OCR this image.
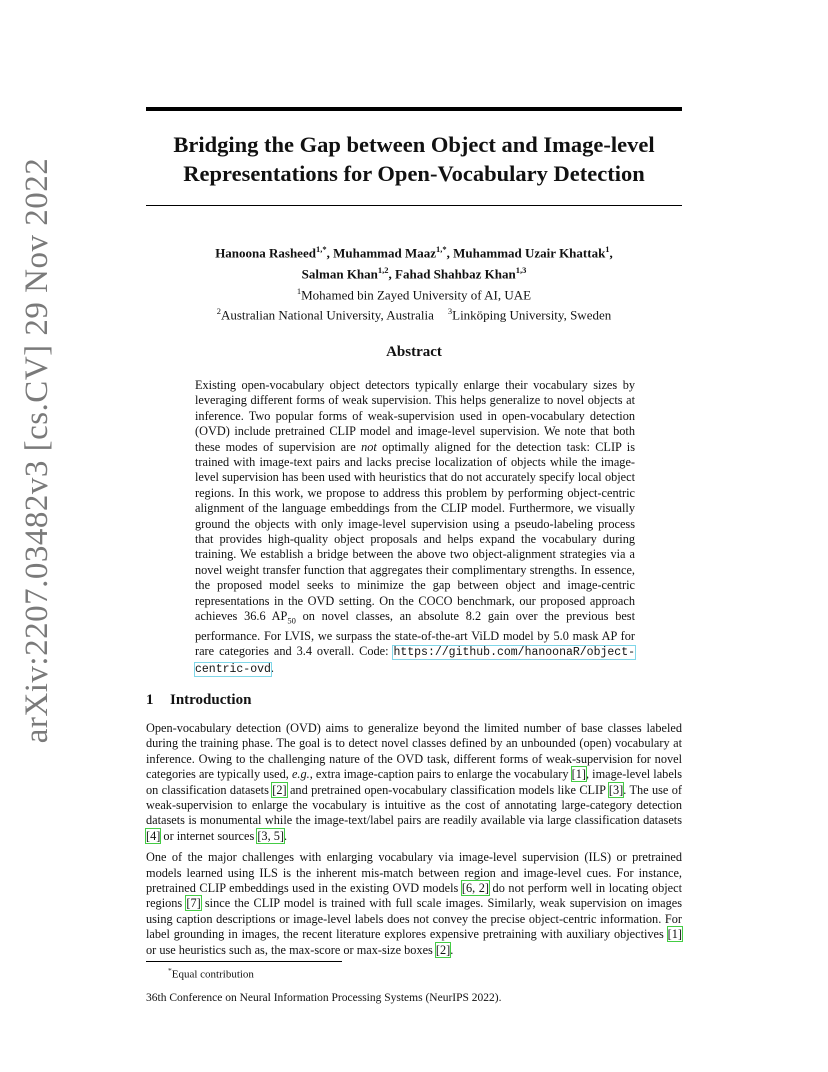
arXiv:2207.03482v3 [cs.CV] 29 Nov 2022
Bridging the Gap between Object and Image-level
Representations for Open-Vocabulary Detection
Hanoona Rasheed$^{1,*}$, Muhammad Maaz$^{1,*}$, Muhammad Uzair Khattak$^1$,
Salman Khan$^{1,2}$, Fahad Shahbaz Khan$^{1,3}$
$^1$Mohamed bin Zayed University of AI, UAE
$^2$Australian National University, Australia $^3$Linköping University, Sweden
Abstract
Existing open-vocabulary object detectors typically enlarge their vocabulary sizes by leveraging different forms of weak supervision. This helps generalize to novel objects at inference. Two popular forms of weak-supervision used in open-vocabulary detection (OVD) include pretrained CLIP model and image-level supervision. We note that both these modes of supervision are not optimally aligned for the detection task: CLIP is trained with image-text pairs and lacks precise localization of objects while the image-level supervision has been used with heuristics that do not accurately specify local object regions. In this work, we propose to address this problem by performing object-centric alignment of the language embeddings from the CLIP model. Furthermore, we visually ground the objects with only image-level supervision using a pseudo-labeling process that provides high-quality object proposals and helps expand the vocabulary during training. We establish a bridge between the above two object-alignment strategies via a novel weight transfer function that aggregates their complimentary strengths. In essence, the proposed model seeks to minimize the gap between object and image-centric representations in the OVD setting. On the COCO benchmark, our proposed approach achieves 36.6 $AP_{50}$ on novel classes, an absolute 8.2 gain over the previous best performance. For LVIS, we surpass the state-of-the-art ViLD model by 5.0 mask AP for rare categories and 3.4 overall. Code: https://github.com/hanoonaR/object-centric-ovd.
1 Introduction

Open-vocabulary detection (OVD) aims to generalize beyond the limited number of base classes labeled during the training phase. The goal is to detect novel classes defined by an unbounded (open) vocabulary at inference. Owing to the challenging nature of the OVD task, different forms of weak-supervision for novel categories are typically used, e.g., extra image-caption pairs to enlarge the vocabulary [1], image-level labels on classification datasets [2] and pretrained open-vocabulary classification models like CLIP [3]. The use of weak-supervision to enlarge the vocabulary is intuitive as the cost of annotating large-category detection datasets is monumental while the image-text/label pairs are readily available via large classification datasets [4] or internet sources [3, 5].

One of the major challenges with enlarging vocabulary via image-level supervision (ILS) or pretrained models learned using ILS is the inherent mis-match between region and image-level cues. For instance, pretrained CLIP embeddings used in the existing OVD models [6, 2] do not perform well in locating object regions [7] since the CLIP model is trained with full scale images. Similarly, weak supervision on images using caption descriptions or image-level labels does not convey the precise object-centric information. For label grounding in images, the recent literature explores expensive pretraining with auxiliary objectives [1] or use heuristics such as, the max-score or max-size boxes [2].

*Equal contribution
36th Conference on Neural Information Processing Systems (NeurIPS 2022).
